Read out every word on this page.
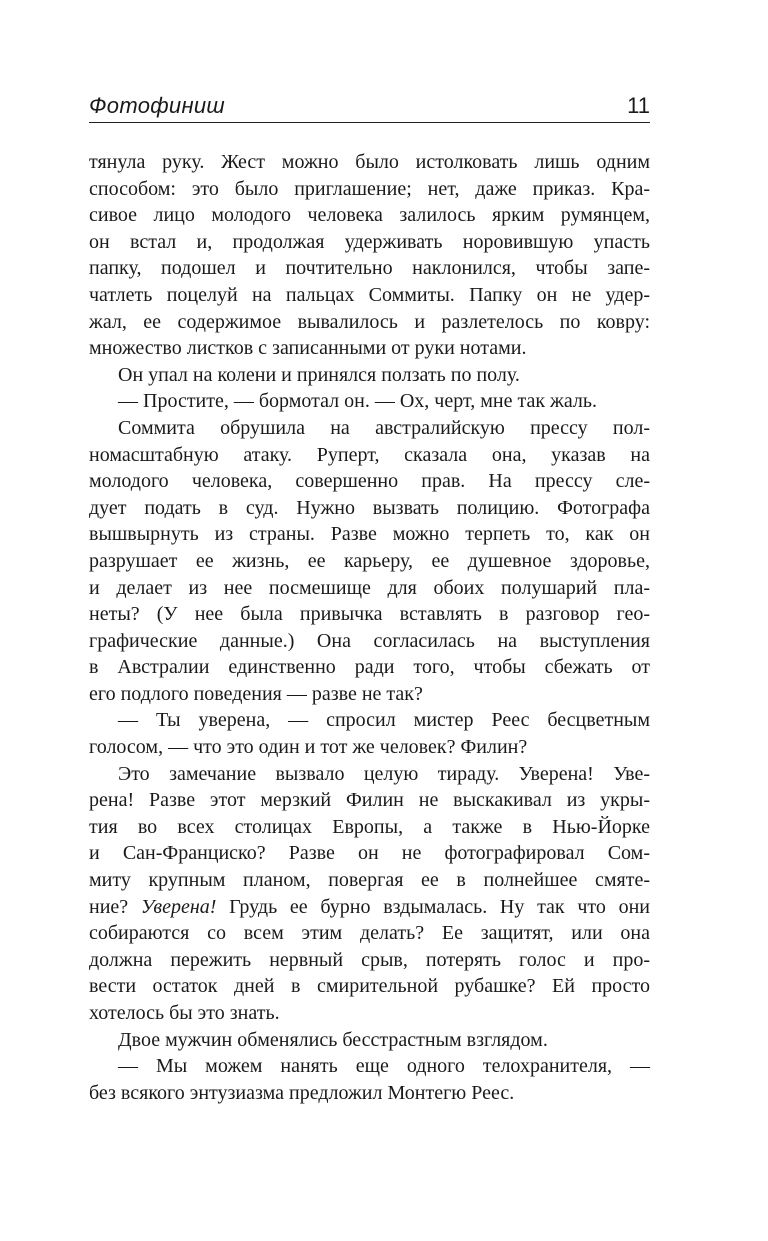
Фотофиниш	11
тянула руку. Жест можно было истолковать лишь одним
способом: это было приглашение; нет, даже приказ. Кра-
сивое лицо молодого человека залилось ярким румянцем,
он встал и, продолжая удерживать норовившую упасть
папку, подошел и почтительно наклонился, чтобы запе-
чатлеть поцелуй на пальцах Соммиты. Папку он не удер-
жал, ее содержимое вывалилось и разлетелось по ковру:
множество листков с записанными от руки нотами.
Он упал на колени и принялся ползать по полу.
— Простите, — бормотал он. — Ох, черт, мне так жаль.
Соммита обрушила на австралийскую прессу пол-
номасштабную атаку. Руперт, сказала она, указав на
молодого человека, совершенно прав. На прессу сле-
дует подать в суд. Нужно вызвать полицию. Фотографа
вышвырнуть из страны. Разве можно терпеть то, как он
разрушает ее жизнь, ее карьеру, ее душевное здоровье,
и делает из нее посмешище для обоих полушарий пла-
неты? (У нее была привычка вставлять в разговор гео-
графические данные.) Она согласилась на выступления
в Австралии единственно ради того, чтобы сбежать от
его подлого поведения — разве не так?
— Ты уверена, — спросил мистер Реес бесцветным
голосом, — что это один и тот же человек? Филин?
Это замечание вызвало целую тираду. Уверена! Уве-
рена! Разве этот мерзкий Филин не выскакивал из укры-
тия во всех столицах Европы, а также в Нью-Йорке
и Сан-Франциско? Разве он не фотографировал Сом-
миту крупным планом, повергая ее в полнейшее смяте-
ние? Уверена! Грудь ее бурно вздымалась. Ну так что они
собираются со всем этим делать? Ее защитят, или она
должна пережить нервный срыв, потерять голос и про-
вести остаток дней в смирительной рубашке? Ей просто
хотелось бы это знать.
Двое мужчин обменялись бесстрастным взглядом.
— Мы можем нанять еще одного телохранителя, —
без всякого энтузиазма предложил Монтегю Реес.
